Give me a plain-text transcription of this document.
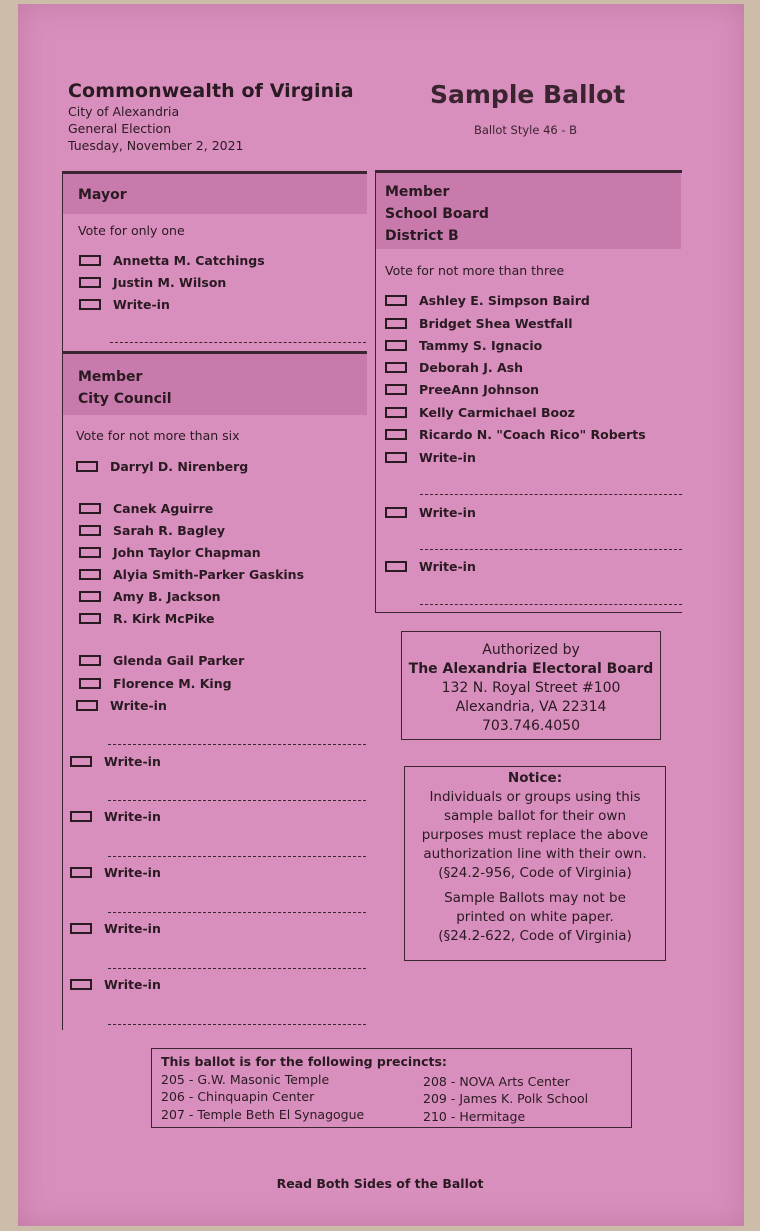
Commonwealth of Virginia
City of Alexandria
General Election
Tuesday, November 2, 2021
Sample Ballot
Ballot Style 46 - B
Mayor
Vote for only one
Annetta M. Catchings
Justin M. Wilson
Write-in
Member
City Council
Vote for not more than six
Darryl D. Nirenberg
Canek Aguirre
Sarah R. Bagley
John Taylor Chapman
Alyia Smith-Parker Gaskins
Amy B. Jackson
R. Kirk McPike
Glenda Gail Parker
Florence M. King
Write-in
Write-in
Write-in
Write-in
Write-in
Write-in
Member
School Board
District B
Vote for not more than three
Ashley E. Simpson Baird
Bridget Shea Westfall
Tammy S. Ignacio
Deborah J. Ash
PreeAnn Johnson
Kelly Carmichael Booz
Ricardo N. "Coach Rico" Roberts
Write-in
Write-in
Write-in
Authorized by
The Alexandria Electoral Board
132 N. Royal Street #100
Alexandria, VA 22314
703.746.4050
Notice:
Individuals or groups using this
sample ballot for their own
purposes must replace the above
authorization line with their own.
(§24.2-956, Code of Virginia)
Sample Ballots may not be
printed on white paper.
(§24.2-622, Code of Virginia)
This ballot is for the following precincts:
205 - G.W. Masonic Temple
206 - Chinquapin Center
207 - Temple Beth El Synagogue
208 - NOVA Arts Center
209 - James K. Polk School
210 - Hermitage
Read Both Sides of the Ballot
